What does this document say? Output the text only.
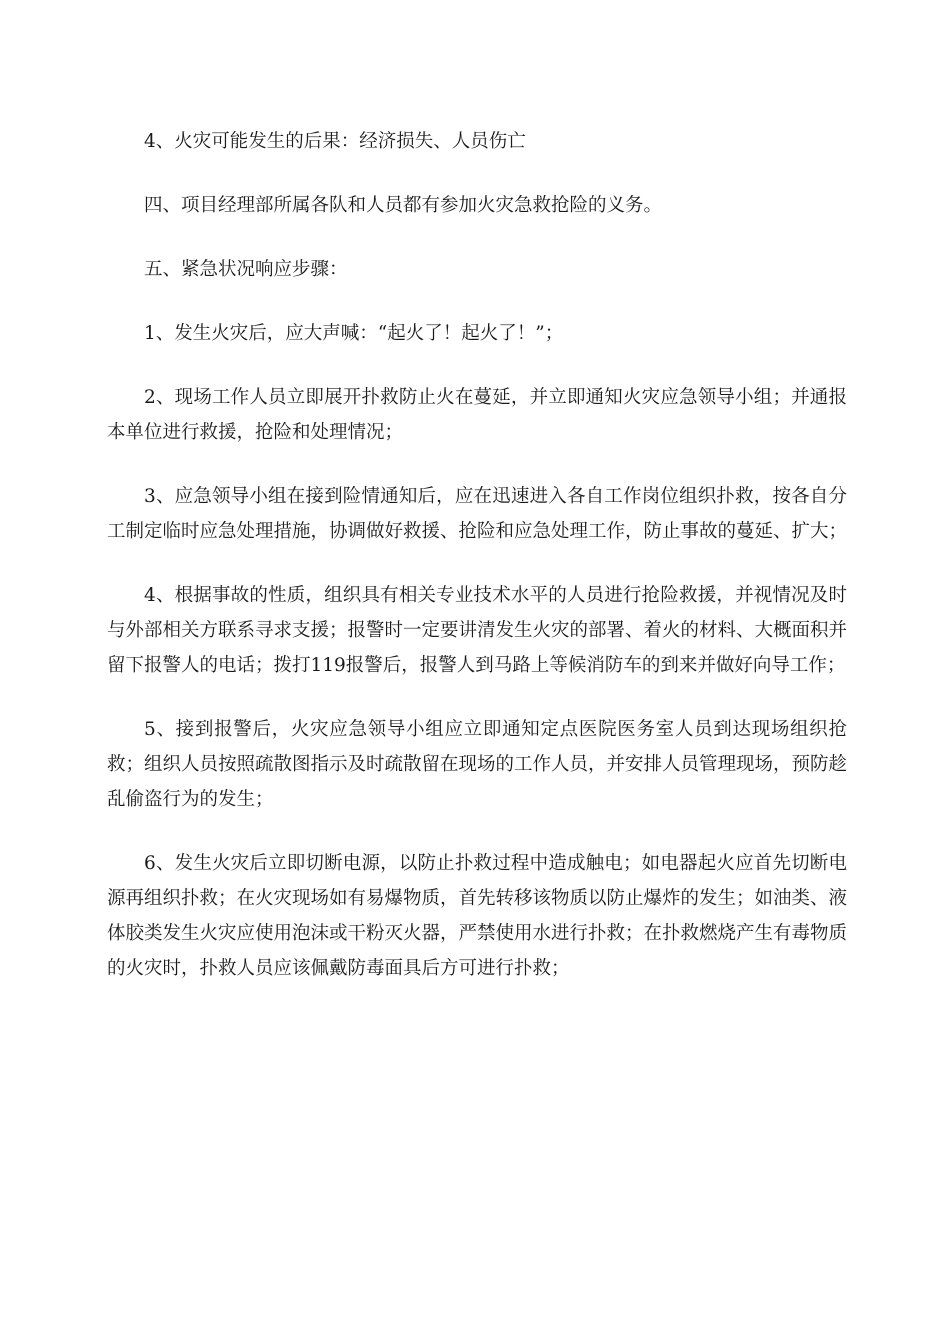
4、火灾可能发生的后果：经济损失、人员伤亡

四、项目经理部所属各队和人员都有参加火灾急救抢险的义务。

五、紧急状况响应步骤：

1、发生火灾后，应大声喊：“起火了！起火了！”；

2、现场工作人员立即展开扑救防止火在蔓延，并立即通知火灾应急领导小组；并通报本单位进行救援，抢险和处理情况；

3、应急领导小组在接到险情通知后，应在迅速进入各自工作岗位组织扑救，按各自分工制定临时应急处理措施，协调做好救援、抢险和应急处理工作，防止事故的蔓延、扩大；

4、根据事故的性质，组织具有相关专业技术水平的人员进行抢险救援，并视情况及时与外部相关方联系寻求支援；报警时一定要讲清发生火灾的部署、着火的材料、大概面积并留下报警人的电话；拨打119报警后，报警人到马路上等候消防车的到来并做好向导工作；

5、接到报警后，火灾应急领导小组应立即通知定点医院医务室人员到达现场组织抢救；组织人员按照疏散图指示及时疏散留在现场的工作人员，并安排人员管理现场，预防趁乱偷盗行为的发生；

6、发生火灾后立即切断电源，以防止扑救过程中造成触电；如电器起火应首先切断电源再组织扑救；在火灾现场如有易爆物质，首先转移该物质以防止爆炸的发生；如油类、液体胶类发生火灾应使用泡沫或干粉灭火器，严禁使用水进行扑救；在扑救燃烧产生有毒物质的火灾时，扑救人员应该佩戴防毒面具后方可进行扑救；
